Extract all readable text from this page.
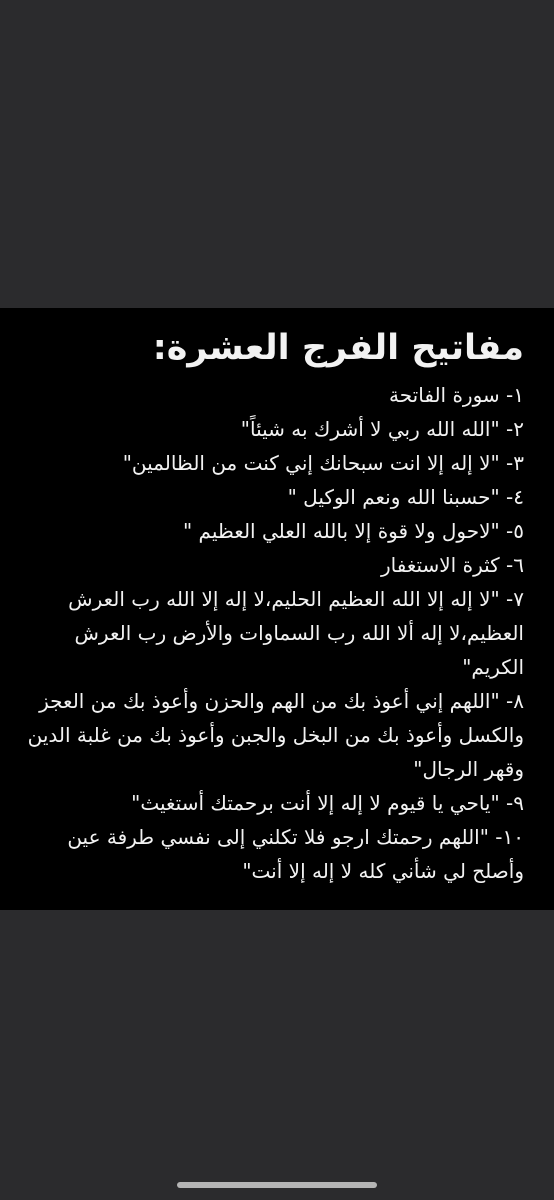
مفاتيح الفرج العشرة:
١- سورة الفاتحة
٢- "الله الله ربي لا أشرك به شيئاً"
٣- "لا إله إلا انت سبحانك إني كنت من الظالمين"
٤- "حسبنا الله ونعم الوكيل "
٥- "لاحول ولا قوة إلا بالله العلي العظيم "
٦- كثرة الاستغفار
٧- "لا إله إلا الله العظيم الحليم،لا إله إلا الله رب العرش العظيم،لا إله ألا الله رب السماوات والأرض رب العرش الكريم"
٨- "اللهم إني أعوذ بك من الهم والحزن وأعوذ بك من العجز والكسل وأعوذ بك من البخل والجبن وأعوذ بك من غلبة الدين وقهر الرجال"
٩- "ياحي يا قيوم لا إله إلا أنت برحمتك أستغيث"
١٠- "اللهم رحمتك ارجو فلا تكلني إلى نفسي طرفة عين وأصلح لي شأني كله لا إله إلا أنت"
